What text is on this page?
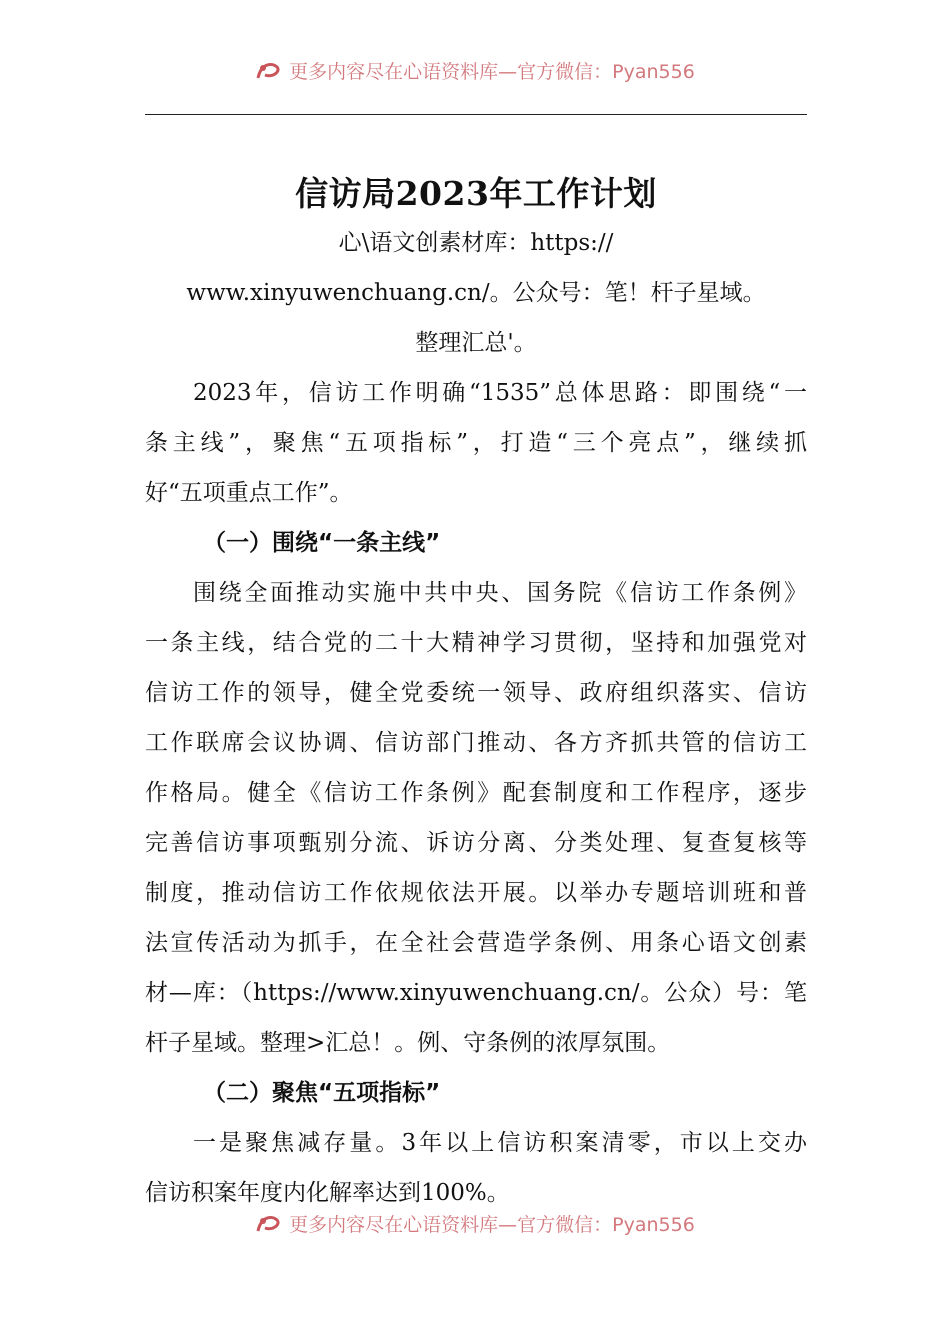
更多内容尽在心语资料库—官方微信：Pyan556
信访局2023年工作计划
心\语文创素材库：https://
www.xinyuwenchuang.cn/。公众号：笔！杆子星域。
整理汇总'。
2023年，信访工作明确“1535”总体思路：即围绕“一
条主线”，聚焦“五项指标”，打造“三个亮点”，继续抓
好“五项重点工作”。
（一）围绕“一条主线”
围绕全面推动实施中共中央、国务院《信访工作条例》
一条主线，结合党的二十大精神学习贯彻，坚持和加强党对
信访工作的领导，健全党委统一领导、政府组织落实、信访
工作联席会议协调、信访部门推动、各方齐抓共管的信访工
作格局。健全《信访工作条例》配套制度和工作程序，逐步
完善信访事项甄别分流、诉访分离、分类处理、复查复核等
制度，推动信访工作依规依法开展。以举办专题培训班和普
法宣传活动为抓手，在全社会营造学条例、用条心语文创素
材—库：（https://www.xinyuwenchuang.cn/。公众）号：笔
杆子星域。整理>汇总！。例、守条例的浓厚氛围。
（二）聚焦“五项指标”
一是聚焦减存量。3年以上信访积案清零，市以上交办
信访积案年度内化解率达到100%。
更多内容尽在心语资料库—官方微信：Pyan556
